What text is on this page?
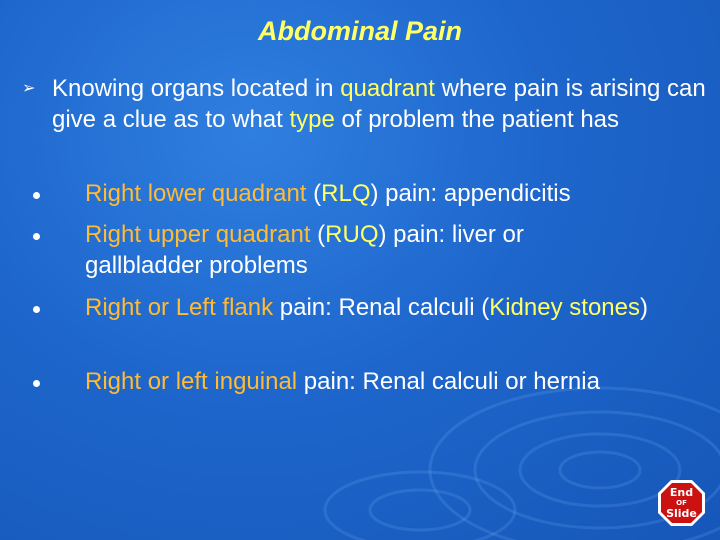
Abdominal Pain
➢ Knowing organs located in quadrant where pain is arising can give a clue as to what type of problem the patient has
Right lower quadrant (RLQ) pain: appendicitis
Right upper quadrant (RUQ) pain: liver or gallbladder problems
Right or Left flank pain: Renal calculi (Kidney stones)
Right or left inguinal pain: Renal calculi or hernia
End
OF
Slide
